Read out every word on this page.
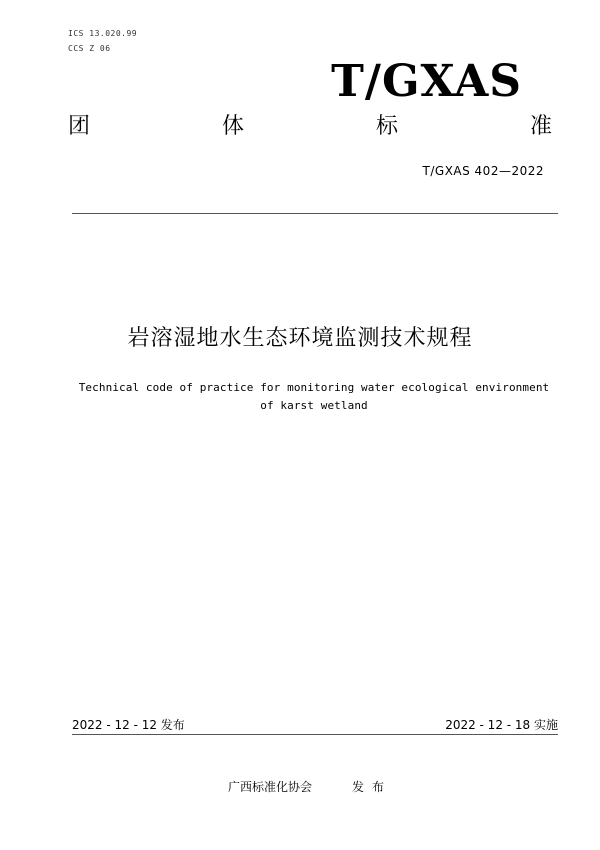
ICS 13.020.99
CCS Z 06
T/GXAS
团	体	标	准
T/GXAS 402—2022
岩溶湿地水生态环境监测技术规程
Technical code of practice for monitoring water ecological environment
of karst wetland
2022 - 12 - 12 发布	2022 - 12 - 18 实施
广西标准化协会	发布
